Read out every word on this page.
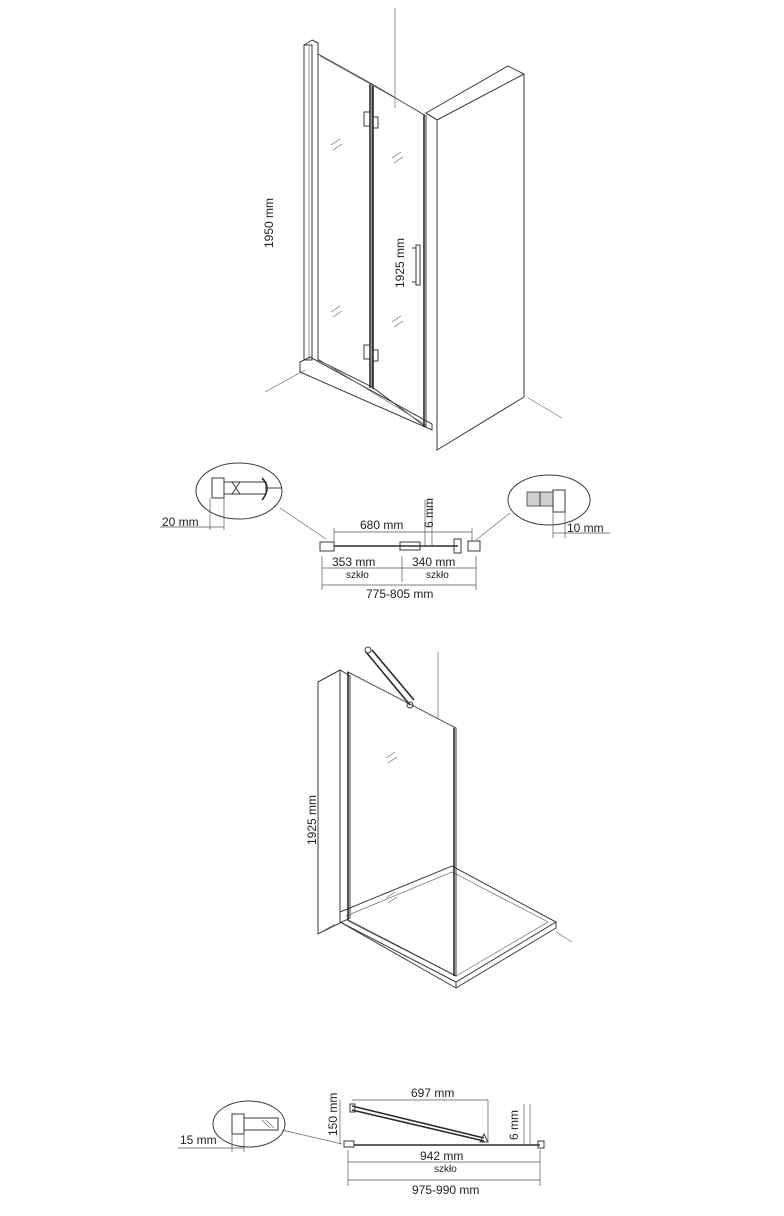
1950 mm
1925 mm
20 mm	10 mm
680 mm 6 mm
353 mm
szkło
340 mm
szkło
775-805 mm
1925 mm
15 mm
697 mm
150 mm	6 mm
942 mm
szkło
975-990 mm
